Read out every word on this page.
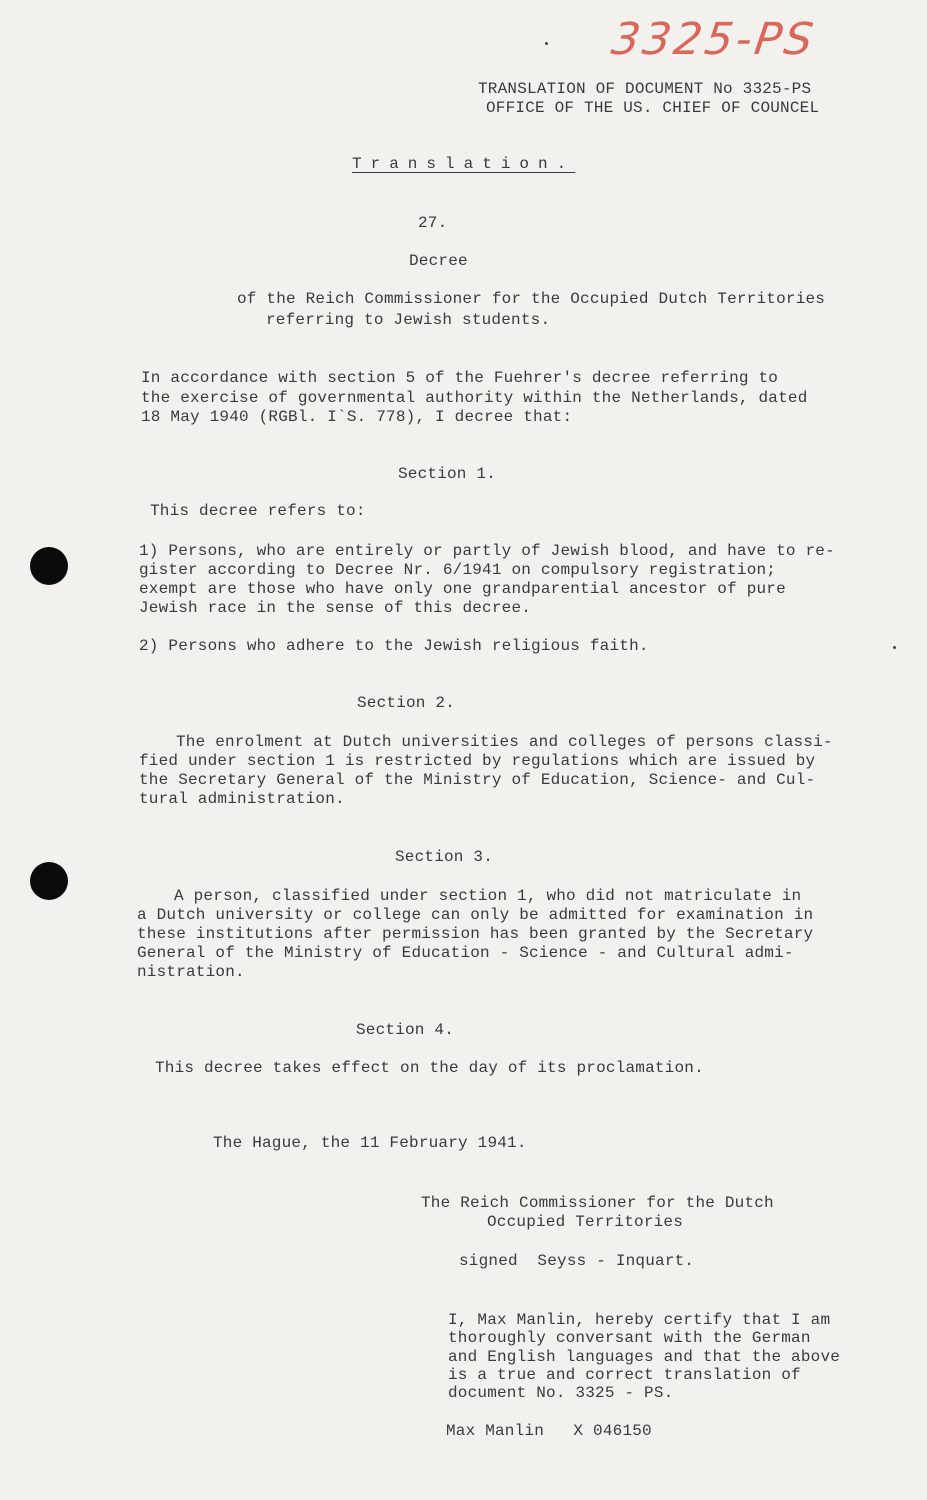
3325-PS
TRANSLATION OF DOCUMENT No 3325-PS
OFFICE OF THE US. CHIEF OF COUNCEL
Translation.
27.
Decree
of the Reich Commissioner for the Occupied Dutch Territories
referring to Jewish students.
In accordance with section 5 of the Fuehrer's decree referring to
the exercise of governmental authority within the Netherlands, dated
18 May 1940 (RGBl. I`S. 778), I decree that:
Section 1.
This decree refers to:
1) Persons, who are entirely or partly of Jewish blood, and have to re-
gister according to Decree Nr. 6/1941 on compulsory registration;
exempt are those who have only one grandparential ancestor of pure
Jewish race in the sense of this decree.
2) Persons who adhere to the Jewish religious faith.
Section 2.
The enrolment at Dutch universities and colleges of persons classi-
fied under section 1 is restricted by regulations which are issued by
the Secretary General of the Ministry of Education, Science- and Cul-
tural administration.
Section 3.
A person, classified under section 1, who did not matriculate in
a Dutch university or college can only be admitted for examination in
these institutions after permission has been granted by the Secretary
General of the Ministry of Education - Science - and Cultural admi-
nistration.
Section 4.
This decree takes effect on the day of its proclamation.
The Hague, the 11 February 1941.
The Reich Commissioner for the Dutch
Occupied Territories
signed  Seyss - Inquart.
I, Max Manlin, hereby certify that I am
thoroughly conversant with the German
and English languages and that the above
is a true and correct translation of
document No. 3325 - PS.
Max Manlin   X 046150
